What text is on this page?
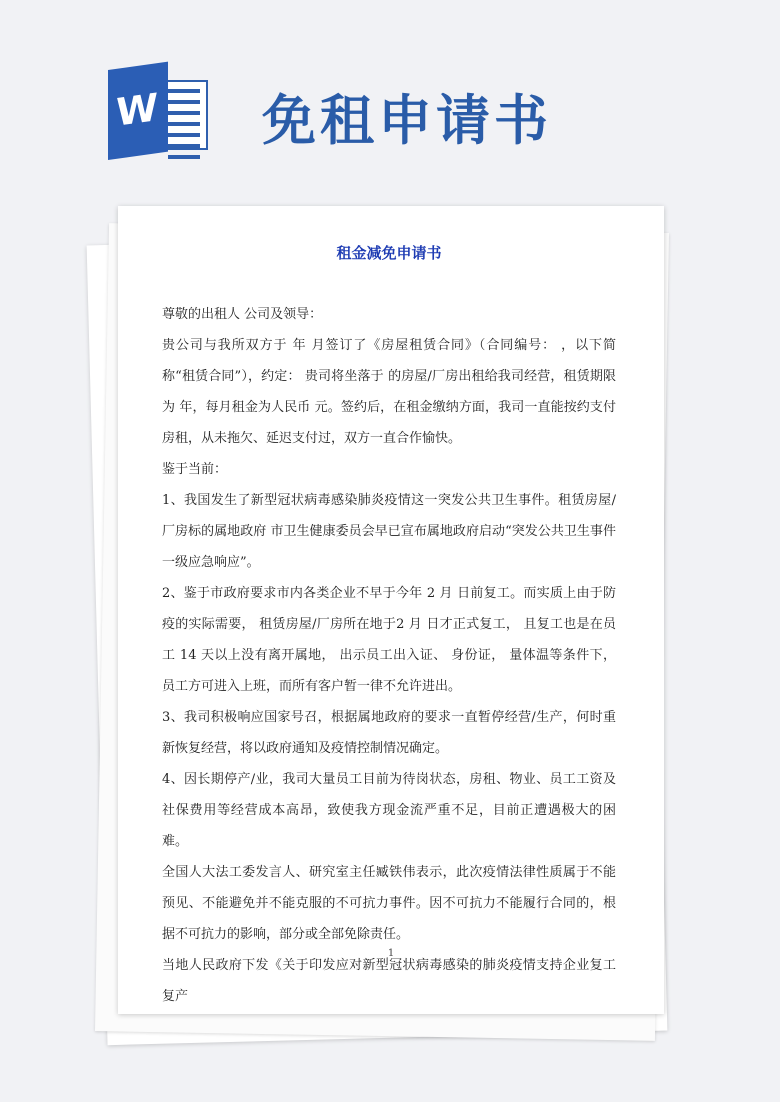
W 免租申请书
租金减免申请书

尊敬的出租人 公司及领导：

贵公司与我所双方于 年 月签订了《房屋租赁合同》（合同编号： ，以下简称“租赁合同”），约定： 贵司将坐落于 的房屋/厂房出租给我司经营，租赁期限为 年，每月租金为人民币 元。签约后，在租金缴纳方面，我司一直能按约支付房租，从未拖欠、延迟支付过，双方一直合作愉快。

鉴于当前：

1、我国发生了新型冠状病毒感染肺炎疫情这一突发公共卫生事件。租赁房屋/厂房标的属地政府 市卫生健康委员会早已宣布属地政府启动“突发公共卫生事件一级应急响应”。

2、鉴于市政府要求市内各类企业不早于今年 2 月 日前复工。而实质上由于防疫的实际需要， 租赁房屋/厂房所在地于2 月 日才正式复工， 且复工也是在员工 14 天以上没有离开属地， 出示员工出入证、 身份证， 量体温等条件下， 员工方可进入上班，而所有客户暂一律不允许进出。

3、我司积极响应国家号召，根据属地政府的要求一直暂停经营/生产，何时重新恢复经营，将以政府通知及疫情控制情况确定。

4、因长期停产/业，我司大量员工目前为待岗状态，房租、物业、员工工资及社保费用等经营成本高昂，致使我方现金流严重不足，目前正遭遇极大的困难。

全国人大法工委发言人、研究室主任臧铁伟表示，此次疫情法律性质属于不能预见、不能避免并不能克服的不可抗力事件。因不可抗力不能履行合同的，根据不可抗力的影响，部分或全部免除责任。

当地人民政府下发《关于印发应对新型冠状病毒感染的肺炎疫情支持企业复工复产

1
